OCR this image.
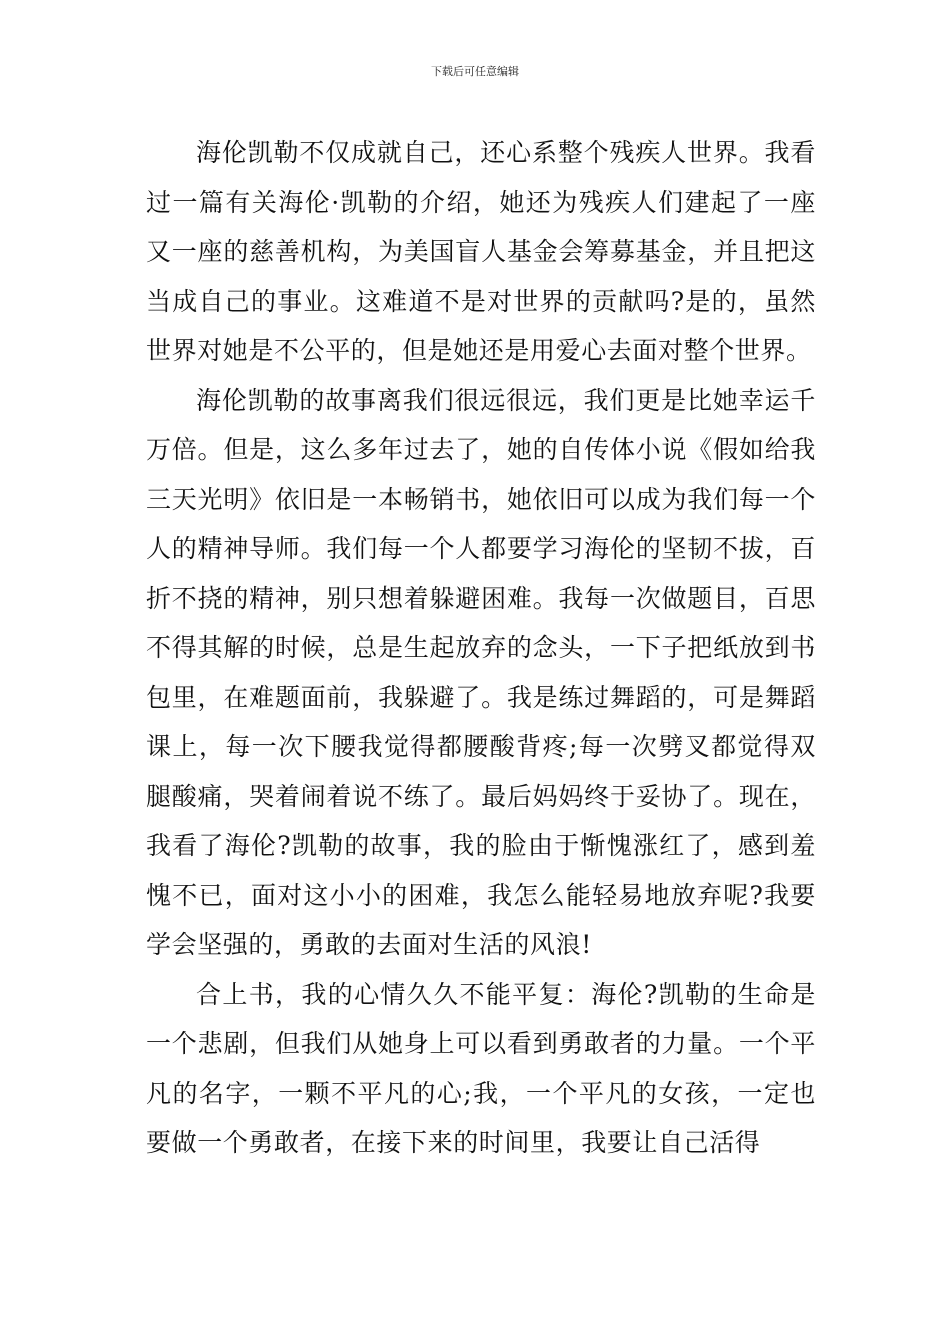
下载后可任意编辑

海伦凯勒不仅成就自己，还心系整个残疾人世界。我看过一篇有关海伦·凯勒的介绍，她还为残疾人们建起了一座又一座的慈善机构，为美国盲人基金会筹募基金，并且把这当成自己的事业。这难道不是对世界的贡献吗?是的，虽然世界对她是不公平的，但是她还是用爱心去面对整个世界。

海伦凯勒的故事离我们很远很远，我们更是比她幸运千万倍。但是，这么多年过去了，她的自传体小说《假如给我三天光明》依旧是一本畅销书，她依旧可以成为我们每一个人的精神导师。我们每一个人都要学习海伦的坚韧不拔，百折不挠的精神，别只想着躲避困难。我每一次做题目，百思不得其解的时候，总是生起放弃的念头，一下子把纸放到书包里，在难题面前，我躲避了。我是练过舞蹈的，可是舞蹈课上，每一次下腰我觉得都腰酸背疼;每一次劈叉都觉得双腿酸痛，哭着闹着说不练了。最后妈妈终于妥协了。现在，我看了海伦?凯勒的故事，我的脸由于惭愧涨红了，感到羞愧不已，面对这小小的困难，我怎么能轻易地放弃呢?我要学会坚强的，勇敢的去面对生活的风浪!

合上书，我的心情久久不能平复：海伦?凯勒的生命是一个悲剧，但我们从她身上可以看到勇敢者的力量。一个平凡的名字，一颗不平凡的心;我，一个平凡的女孩，一定也要做一个勇敢者，在接下来的时间里，我要让自己活得
